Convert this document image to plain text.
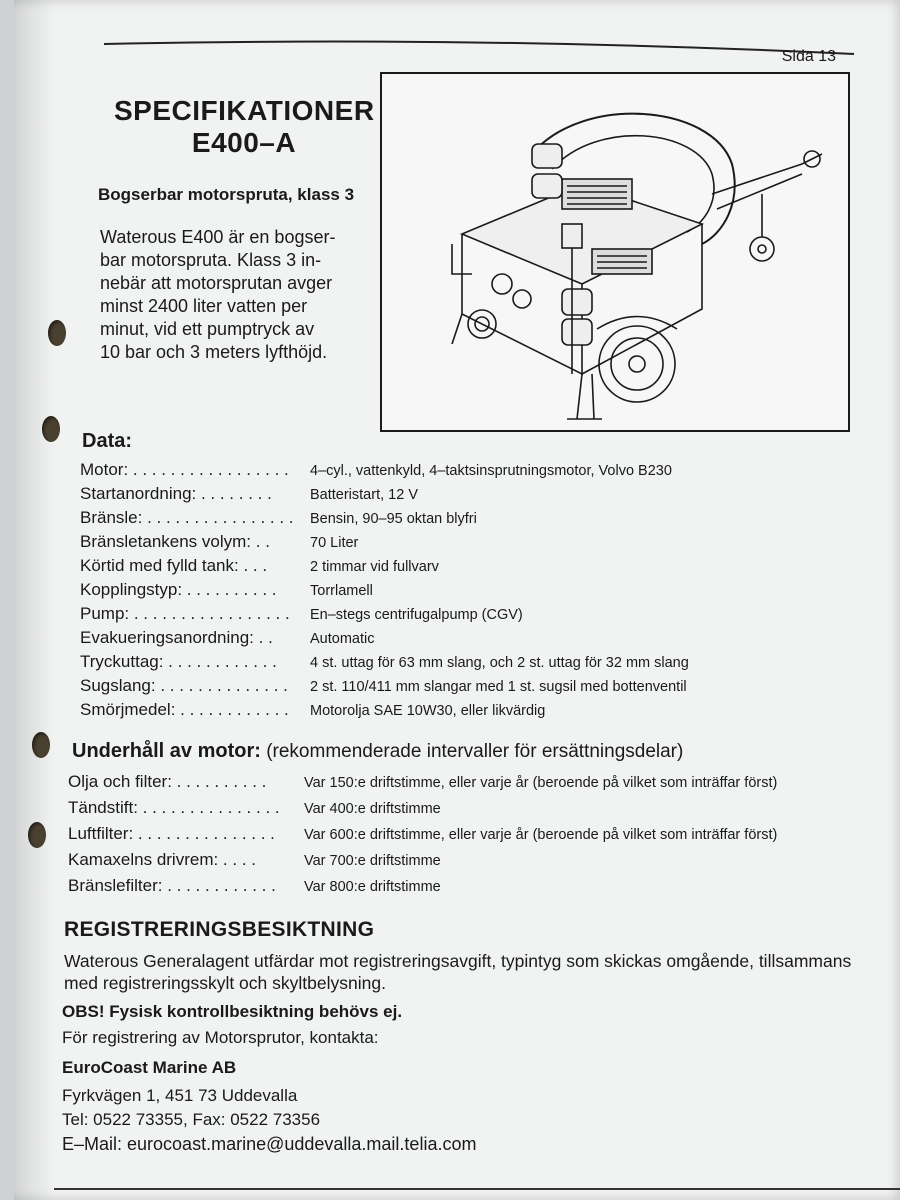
Sida 13
SPECIFIKATIONER
E400–A
Bogserbar motorspruta, klass 3
Waterous E400 är en bogser-
bar motorspruta. Klass 3 in-
nebär att motorsprutan avger
minst 2400 liter vatten per
minut, vid ett pumptryck av
10 bar och 3 meters lyfthöjd.
Data:
Motor: . . . . . . . . . . . . . . . . .	4–cyl., vattenkyld, 4–taktsinsprutningsmotor, Volvo B230
Startanordning: . . . . . . . .	Batteristart, 12 V
Bränsle: . . . . . . . . . . . . . . . .	Bensin, 90–95 oktan blyfri
Bränsletankens volym: . .	70 Liter
Körtid med fylld tank: . . .	2 timmar vid fullvarv
Kopplingstyp: . . . . . . . . . .	Torrlamell
Pump: . . . . . . . . . . . . . . . . .	En–stegs centrifugalpump (CGV)
Evakueringsanordning: . .	Automatic
Tryckuttag: . . . . . . . . . . . .	4 st. uttag för 63 mm slang, och 2 st. uttag för 32 mm slang
Sugslang: . . . . . . . . . . . . . .	2 st. 110/411 mm slangar med 1 st. sugsil med bottenventil
Smörjmedel: . . . . . . . . . . . .	Motorolja SAE 10W30, eller likvärdig
Underhåll av motor: (rekommenderade intervaller för ersättningsdelar)
Olja och filter: . . . . . . . . . .	Var 150:e driftstimme, eller varje år (beroende på vilket som inträffar först)
Tändstift: . . . . . . . . . . . . . . .	Var 400:e driftstimme
Luftfilter: . . . . . . . . . . . . . . .	Var 600:e driftstimme, eller varje år (beroende på vilket som inträffar först)
Kamaxelns drivrem: . . . .	Var 700:e driftstimme
Bränslefilter: . . . . . . . . . . . .	Var 800:e driftstimme
REGISTRERINGSBESIKTNING
Waterous Generalagent utfärdar mot registreringsavgift, typintyg som skickas omgående, tillsammans med registreringsskylt och skyltbelysning.
OBS! Fysisk kontrollbesiktning behövs ej.
För registrering av Motorsprutor, kontakta:
EuroCoast Marine AB
Fyrkvägen 1, 451 73 Uddevalla
Tel: 0522 73355, Fax: 0522 73356
E–Mail: eurocoast.marine@uddevalla.mail.telia.com
